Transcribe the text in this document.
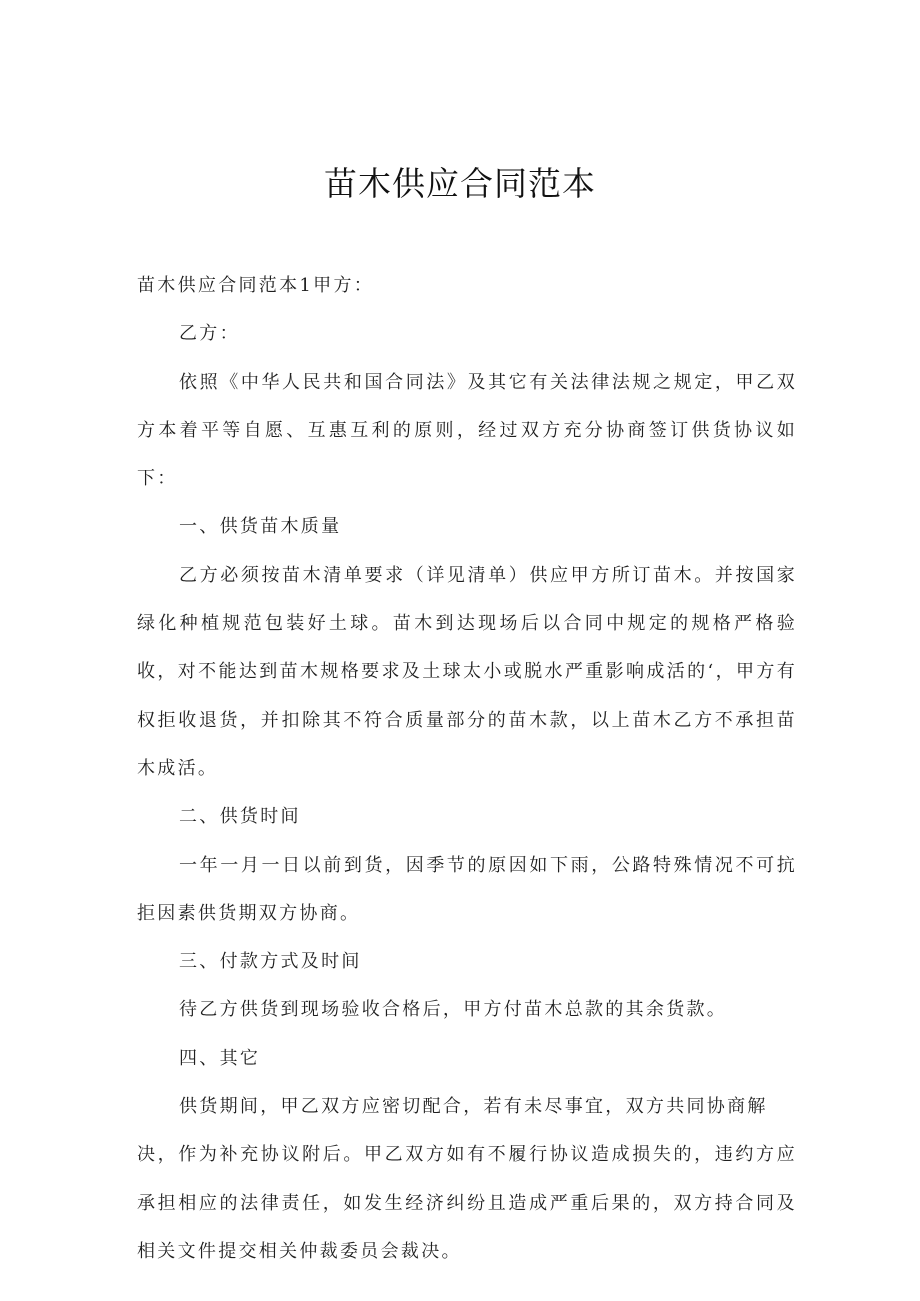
苗木供应合同范本

苗木供应合同范本1甲方：

乙方：

依照《中华人民共和国合同法》及其它有关法律法规之规定，甲乙双方本着平等自愿、互惠互利的原则，经过双方充分协商签订供货协议如下：

一、供货苗木质量

乙方必须按苗木清单要求（详见清单）供应甲方所订苗木。并按国家绿化种植规范包装好土球。苗木到达现场后以合同中规定的规格严格验收，对不能达到苗木规格要求及土球太小或脱水严重影响成活的‘，甲方有权拒收退货，并扣除其不符合质量部分的苗木款，以上苗木乙方不承担苗木成活。

二、供货时间

一年一月一日以前到货，因季节的原因如下雨，公路特殊情况不可抗拒因素供货期双方协商。

三、付款方式及时间

待乙方供货到现场验收合格后，甲方付苗木总款的其余货款。

四、其它

供货期间，甲乙双方应密切配合，若有未尽事宜，双方共同协商解

决，作为补充协议附后。甲乙双方如有不履行协议造成损失的，违约方应承担相应的法律责任，如发生经济纠纷且造成严重后果的，双方持合同及相关文件提交相关仲裁委员会裁决。
